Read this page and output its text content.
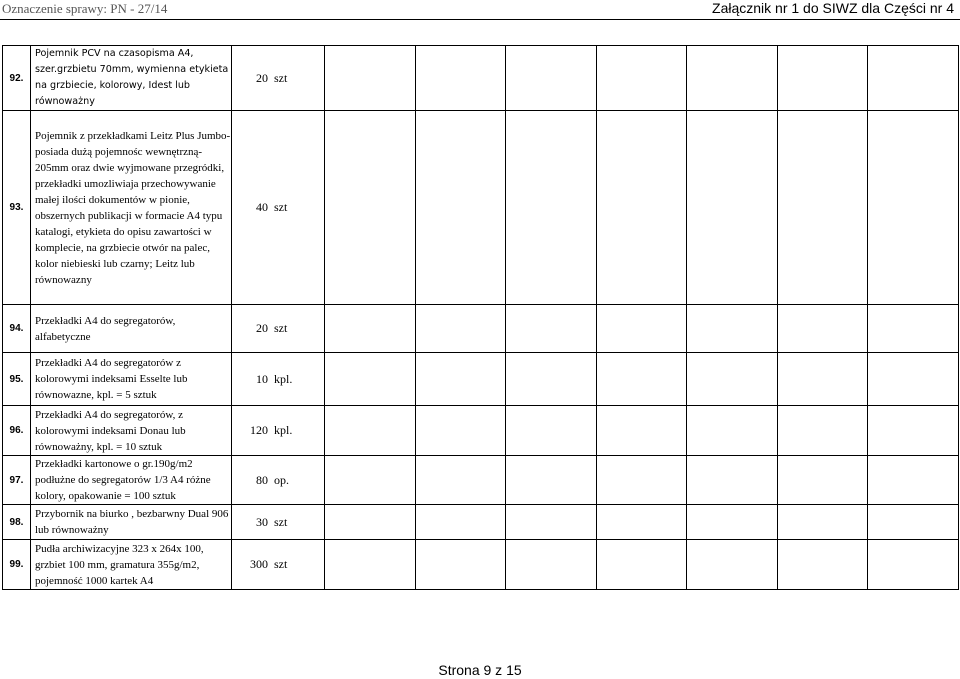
Oznaczenie sprawy: PN - 27/14	Załącznik nr 1 do SIWZ dla Części nr 4
92.	Pojemnik PCV na czasopisma A4, szer.grzbietu 70mm, wymienna etykieta na grzbiecie, kolorowy, Idest lub równoważny	20 szt							
93.	Pojemnik z przekładkami Leitz Plus Jumbo- posiada dużą pojemnośc wewnętrzną- 205mm oraz dwie wyjmowane przegródki, przekładki umozliwiaja przechowywanie małej ilości dokumentów w pionie, obszernych publikacji w formacie A4 typu katalogi, etykieta do opisu zawartości w komplecie, na grzbiecie otwór na palec, kolor niebieski lub czarny; Leitz lub równowazny	40 szt							
94.	Przekładki A4 do segregatorów, alfabetyczne	20 szt							
95.	Przekładki A4 do segregatorów z kolorowymi indeksami Esselte lub równowazne, kpl. = 5 sztuk	10 kpl.							
96.	Przekładki A4 do segregatorów, z kolorowymi indeksami Donau lub równoważny, kpl. = 10 sztuk	120 kpl.							
97.	Przekładki kartonowe o gr.190g/m2 podłużne do segregatorów 1/3 A4 różne kolory, opakowanie = 100 sztuk	80 op.							
98.	Przybornik na biurko , bezbarwny Dual 906 lub równoważny	30 szt							
99.	Pudła archiwizacyjne 323 x 264x 100, grzbiet 100 mm, gramatura 355g/m2, pojemność 1000 kartek A4	300 szt							
Strona 9 z 15
